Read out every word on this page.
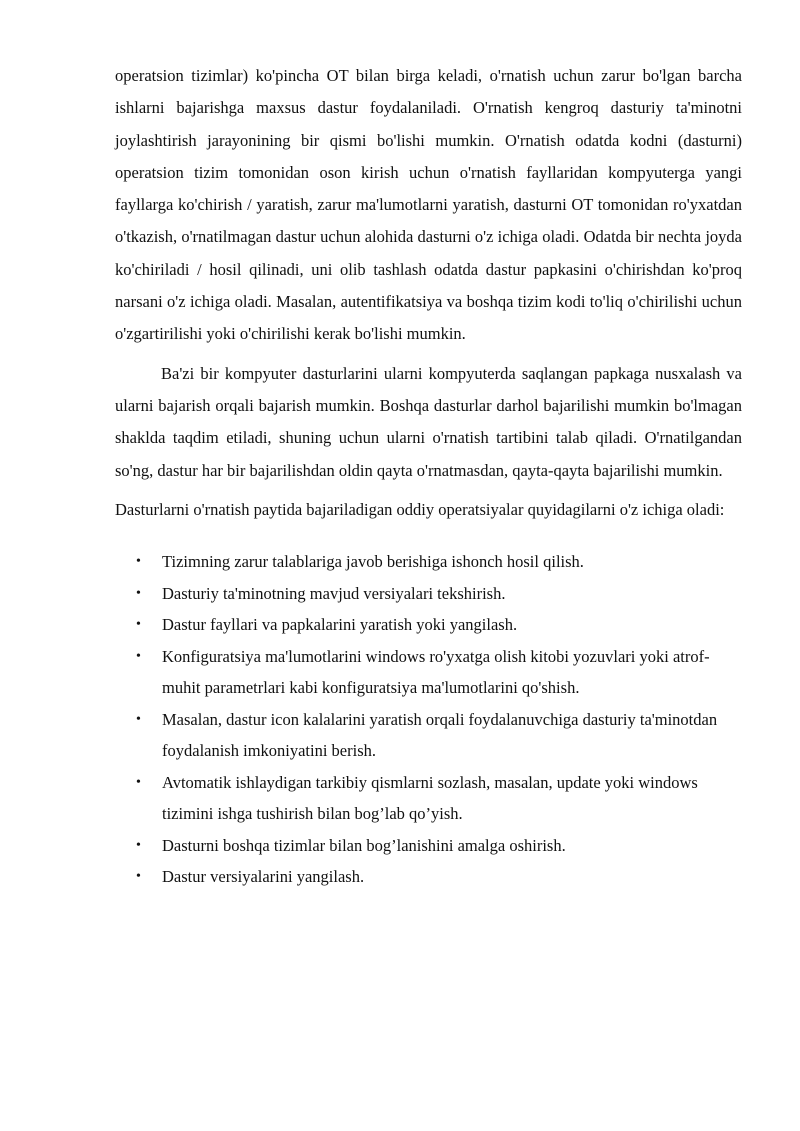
operatsion tizimlar) ko'pincha OT bilan birga keladi, o'rnatish uchun zarur bo'lgan barcha ishlarni bajarishga maxsus dastur foydalaniladi. O'rnatish kengroq dasturiy ta'minotni joylashtirish jarayonining bir qismi bo'lishi mumkin. O'rnatish odatda kodni (dasturni) operatsion tizim tomonidan oson kirish uchun o'rnatish fayllaridan kompyuterga yangi fayllarga ko'chirish / yaratish, zarur ma'lumotlarni yaratish, dasturni OT tomonidan ro'yxatdan o'tkazish, o'rnatilmagan dastur uchun alohida dasturni o'z ichiga oladi. Odatda bir nechta joyda ko'chiriladi / hosil qilinadi, uni olib tashlash odatda dastur papkasini o'chirishdan ko'proq narsani o'z ichiga oladi. Masalan, autentifikatsiya va boshqa tizim kodi to'liq o'chirilishi uchun o'zgartirilishi yoki o'chirilishi kerak bo'lishi mumkin.

Ba'zi bir kompyuter dasturlarini ularni kompyuterda saqlangan papkaga nusxalash va ularni bajarish orqali bajarish mumkin. Boshqa dasturlar darhol bajarilishi mumkin bo'lmagan shaklda taqdim etiladi, shuning uchun ularni o'rnatish tartibini talab qiladi. O'rnatilgandan so'ng, dastur har bir bajarilishdan oldin qayta o'rnatmasdan, qayta-qayta bajarilishi mumkin.

Dasturlarni o'rnatish paytida bajariladigan oddiy operatsiyalar quyidagilarni o'z ichiga oladi:

• Tizimning zarur talablariga javob berishiga ishonch hosil qilish.
• Dasturiy ta'minotning mavjud versiyalari tekshirish.
• Dastur fayllari va papkalarini yaratish yoki yangilash.
• Konfiguratsiya ma'lumotlarini windows ro'yxatga olish kitobi yozuvlari yoki atrof-muhit parametrlari kabi konfiguratsiya ma'lumotlarini qo'shish.
• Masalan, dastur icon kalalarini yaratish orqali foydalanuvchiga dasturiy ta'minotdan foydalanish imkoniyatini berish.
• Avtomatik ishlaydigan tarkibiy qismlarni sozlash, masalan, update yoki windows tizimini ishga tushirish bilan bog’lab qo’yish.
• Dasturni boshqa tizimlar bilan bog’lanishini amalga oshirish.
• Dastur versiyalarini yangilash.
